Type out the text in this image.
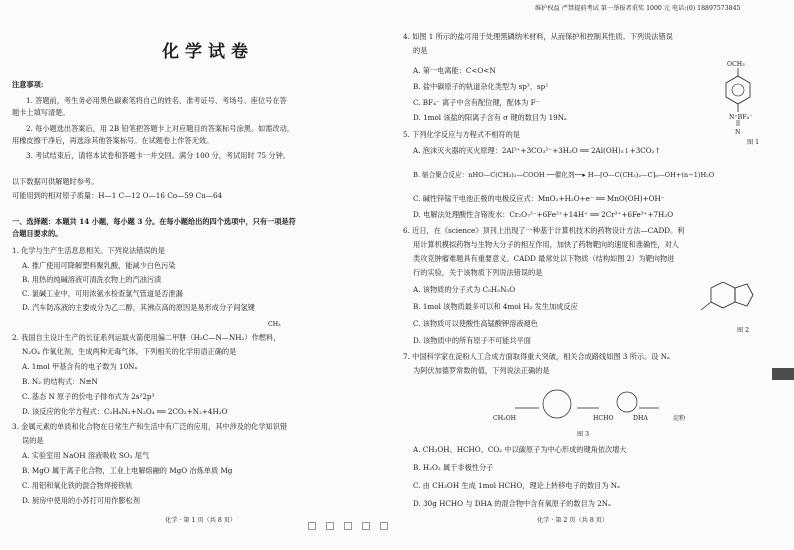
化学试卷
注意事项:
1. 答题前，考生务必用黑色碳素笔将自己的姓名、准考证号、考场号、座位号在答
题卡上填写清楚。
2. 每小题选出答案后，用 2B 铅笔把答题卡上对应题目的答案标号涂黑。如需改动，
用橡皮擦干净后，再选涂其他答案标号。在试题卷上作答无效。
3. 考试结束后，请将本试卷和答题卡一并交回。满分 100 分，考试用时 75 分钟。
以下数据可供解题时参考。
可能用到的相对原子质量：H—1 C—12 O—16 Co—59 Cu—64
一、选择题：本题共 14 小题，每小题 3 分。在每小题给出的四个选项中，只有一项是符
合题目要求的。
1. 化学与生产生活息息相关。下列说法错误的是
A. 推广使用可降解塑料聚乳酸，能减少白色污染
B. 用热的纯碱溶液可清洗衣物上的汽油污渍
C. 氯碱工业中，可用浓氨水检查氯气管道是否泄漏
D. 汽车防冻液的主要成分为乙二醇，其沸点高的原因是易形成分子间氢键
CH₃
2. 我国自主设计生产的长征系列运载火箭使用偏二甲肼（H₂C—N—NH₂）作燃料，
N₂O₄ 作氧化剂，生成两种无毒气体。下列相关的化学用语正确的是
A. 1mol 甲基含有的电子数为 10Nₐ
B. N₂ 的结构式：N≡N
C. 基态 N 原子的价电子排布式为 2s²2p³
D. 该反应的化学方程式：C₂H₈N₂+N₂O₄ ══ 2CO₂+N₂+4H₂O
3. 金属元素的单质和化合物在日常生产和生活中有广泛的应用，其中涉及的化学知识错
误的是
A. 实验室用 NaOH 溶液吸收 SO₂ 尾气
B. MgO 属于离子化合物，工业上电解熔融的 MgO 冶炼单质 Mg
C. 用铝和氧化铁的混合物焊接铁轨
D. 厨房中使用的小苏打可用作膨松剂
化学 · 第 1 页（共 8 页）
维护权益 严禁提前考试 第一举报者重奖 1000 元 电话:(0) 18897573845
4. 如图 1 所示的盐可用于处理黑磷纳米材料，从而保护和控制其性质。下列说法错误
的是
A. 第一电离能：C<O<N
B. 盐中碳原子的轨道杂化类型为 sp³、sp²
C. BF₄⁻ 离子中含有配位键，配体为 F⁻
D. 1mol 该盐的阳离子含有 σ 键的数目为 19Nₐ
OCH₃
N⁺BF₄⁻
N
图 1
5. 下列化学反应与方程式不相符的是
A. 泡沫灭火器的灭火原理：2Al³⁺+3CO₃²⁻+3H₂O ══ 2Al(OH)₃↓+3CO₂↑
B. 缩合聚合反应：nHO—C(CH₃)₂—COOH ──催化剂──▸ H—[O—C(CH₃)₂—C]ₙ—OH+(n−1)H₂O
C. 碱性锌锰干电池正极的电极反应式：MnO₂+H₂O+e⁻ ══ MnO(OH)+OH⁻
D. 电解法处理酸性含铬废水：Cr₂O₇²⁻+6Fe²⁺+14H⁺ ══ 2Cr³⁺+6Fe³⁺+7H₂O
6. 近日，在《science》顶刊上出现了一种基于计算机技术的药物设计方法—CADD。利
用计算机模拟药物与生物大分子的相互作用，加快了药物靶向的速度和准确性，对人
类攻克肿瘤难题具有重要意义。CADD 最常处以下物质（结构如图 2）为靶向物进
行的实验，关于该物质下列说法错误的是
A. 该物质的分子式为 C₅H₅N₅O
B. 1mol 该物质最多可以和 4mol H₂ 发生加成反应
C. 该物质可以使酸性高锰酸钾溶液褪色
D. 该物质中的所有原子不可能共平面
图 2
7. 中国科学家在淀粉人工合成方面取得重大突破，相关合成路线如图 3 所示。设 Nₐ
为阿伏加德罗常数的值，下列说法正确的是
CH₃OH	HCHO	DHA	淀粉
图 3
A. CH₃OH、HCHO、CO₂ 中以碳原子为中心形成的键角依次增大
B. H₂O₂ 属于非极性分子
C. 由 CH₃OH 生成 1mol HCHO，理论上转移电子的数目为 Nₐ
D. 30g HCHO 与 DHA 的混合物中含有氧原子的数目为 2Nₐ
化学 · 第 2 页（共 8 页）
